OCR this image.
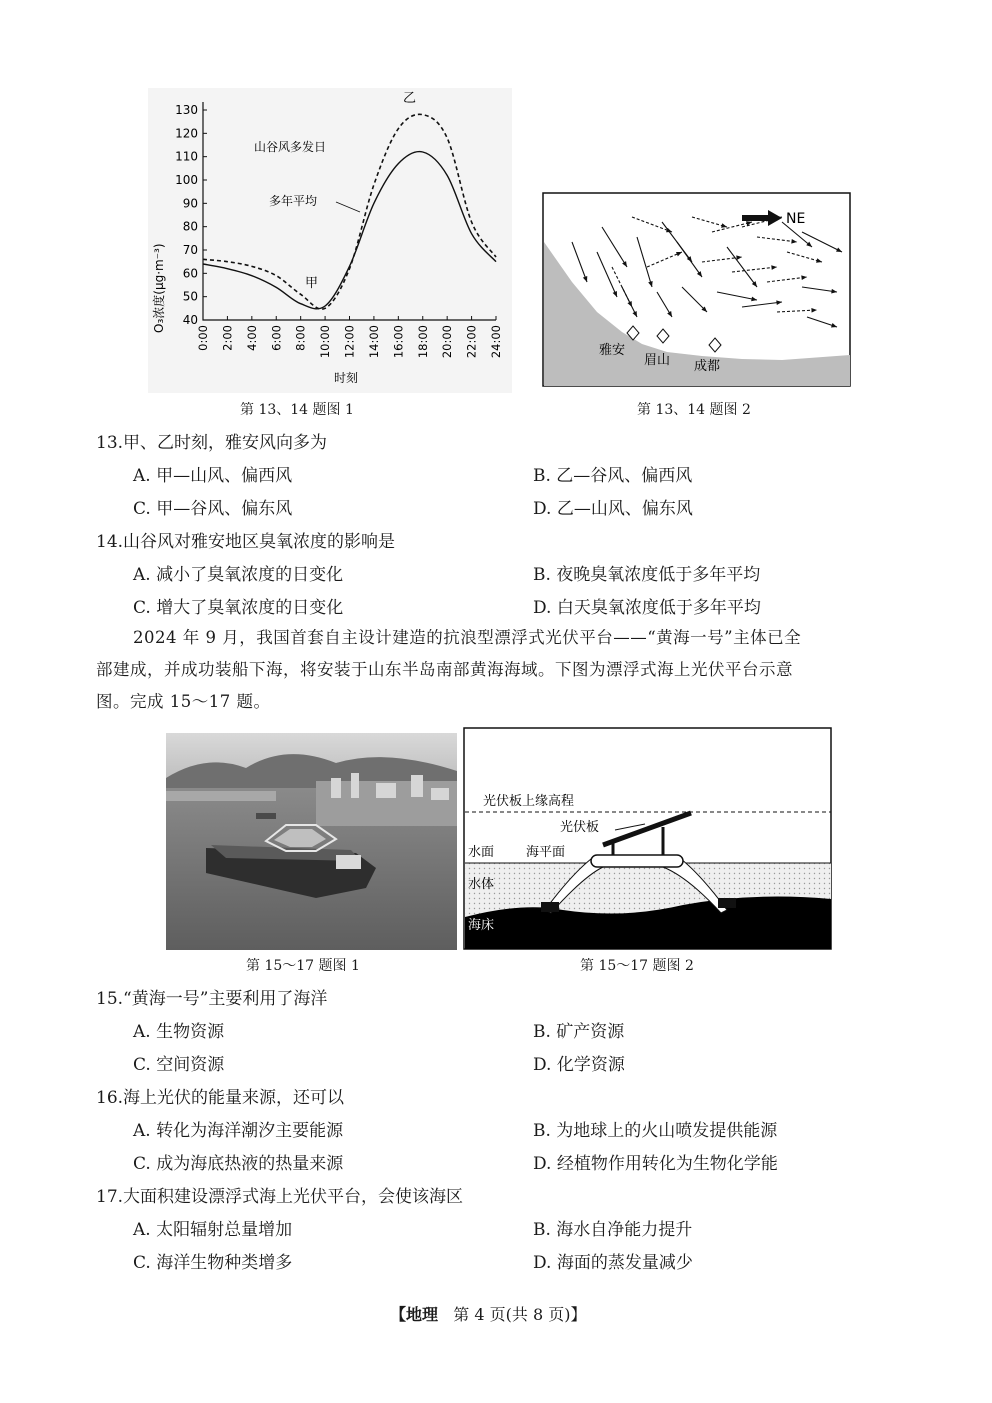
40
50
60
70
80
90
100
110
120
130
0:00 2:00 4:00 6:00 8:00 10:00 12:00 14:00 16:00 18:00 20:00 22:00 24:00
O₃浓度(μg·m⁻³)
时刻
乙
甲
山谷风多发日
多年平均
第 13、14 题图 1
NE
雅安
眉山 成都
第 13、14 题图 2
13.甲、乙时刻，雅安风向多为
A. 甲—山风、偏西风	B. 乙—谷风、偏西风
C. 甲—谷风、偏东风	D. 乙—山风、偏东风
14.山谷风对雅安地区臭氧浓度的影响是
A. 减小了臭氧浓度的日变化	B. 夜晚臭氧浓度低于多年平均
C. 增大了臭氧浓度的日变化	D. 白天臭氧浓度低于多年平均
2024 年 9 月，我国首套自主设计建造的抗浪型漂浮式光伏平台——“黄海一号”主体已全
部建成，并成功装船下海，将安装于山东半岛南部黄海海域。下图为漂浮式海上光伏平台示意
图。完成 15～17 题。
第 15～17 题图 1
光伏板上缘高程
光伏板
水面 海平面
水体
海床
第 15～17 题图 2
15.“黄海一号”主要利用了海洋
A. 生物资源	B. 矿产资源
C. 空间资源	D. 化学资源
16.海上光伏的能量来源，还可以
A. 转化为海洋潮汐主要能源	B. 为地球上的火山喷发提供能源
C. 成为海底热液的热量来源	D. 经植物作用转化为生物化学能
17.大面积建设漂浮式海上光伏平台，会使该海区
A. 太阳辐射总量增加	B. 海水自净能力提升
C. 海洋生物种类增多	D. 海面的蒸发量减少
【地理 第 4 页(共 8 页)】
